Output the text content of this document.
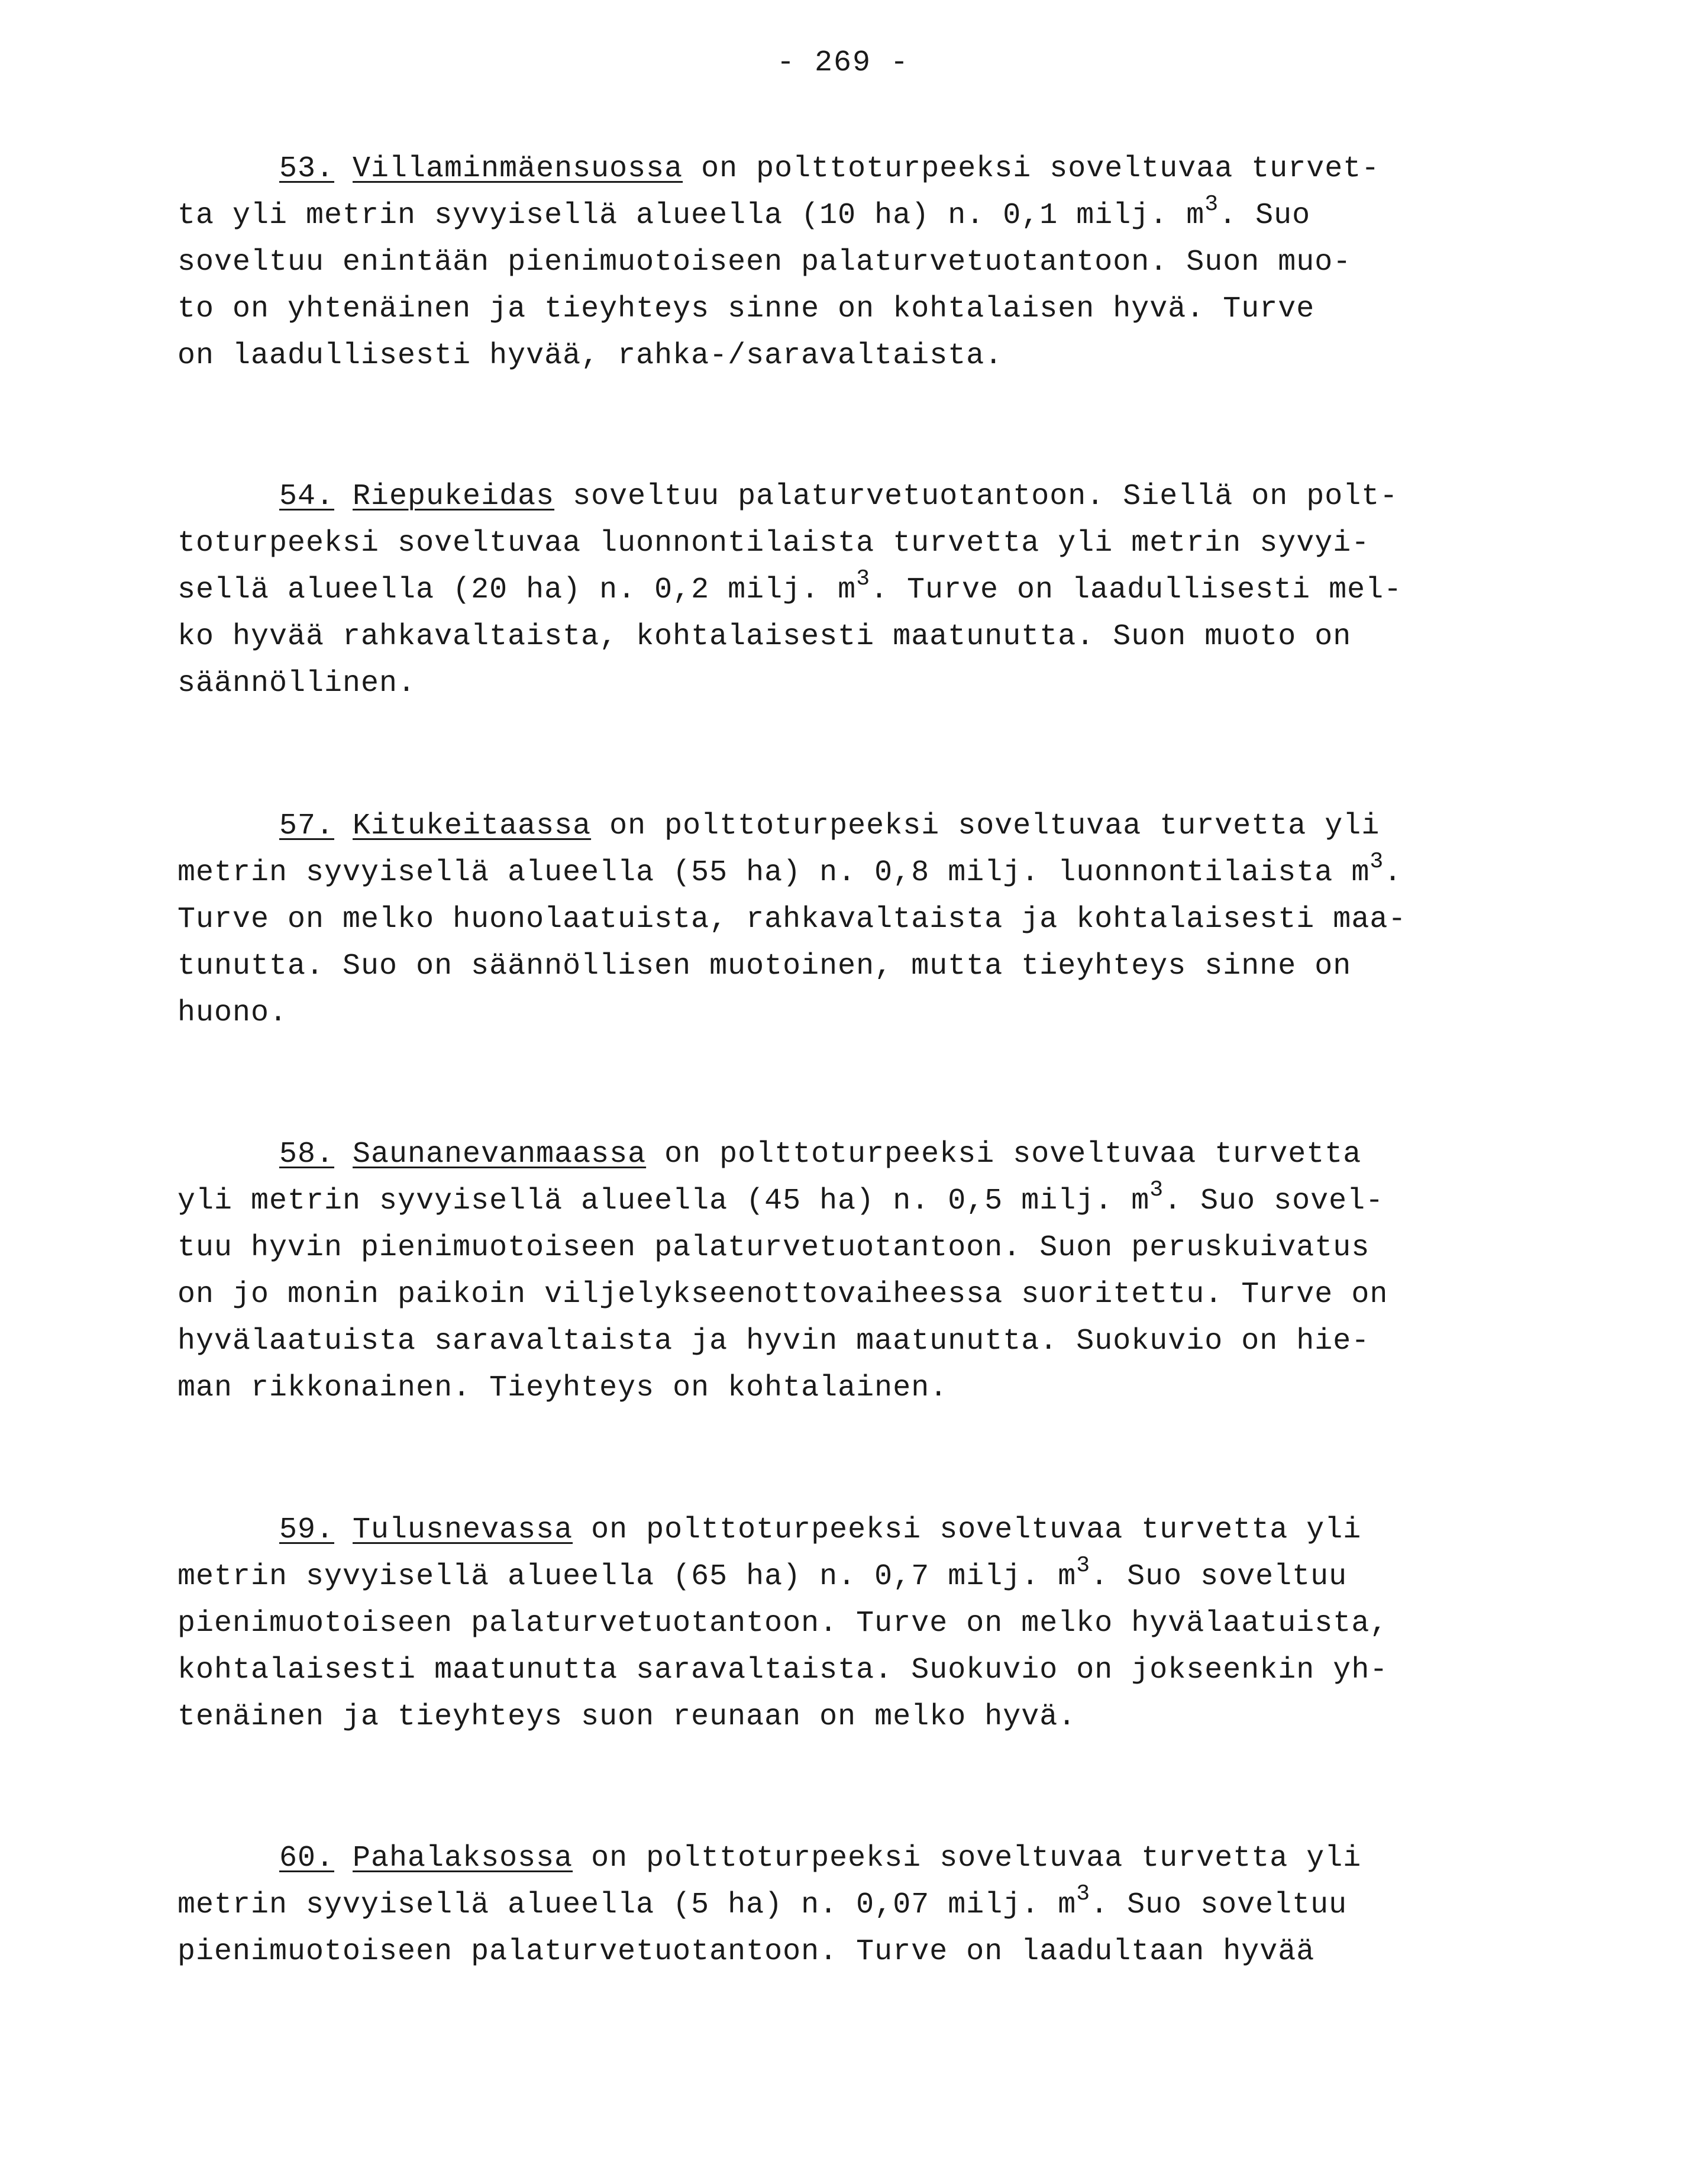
- 269 -
53. Villaminmäensuossa on polttoturpeeksi soveltuvaa turvet-
ta yli metrin syvyisellä alueella (10 ha) n. 0,1 milj. $m^3$. Suo
soveltuu enintään pienimuotoiseen palaturvetuotantoon. Suon muo-
to on yhtenäinen ja tieyhteys sinne on kohtalaisen hyvä. Turve
on laadullisesti hyvää, rahka-/saravaltaista.
54. Riepukeidas soveltuu palaturvetuotantoon. Siellä on polt-
toturpeeksi soveltuvaa luonnontilaista turvetta yli metrin syvyi-
sellä alueella (20 ha) n. 0,2 milj. $m^3$. Turve on laadullisesti mel-
ko hyvää rahkavaltaista, kohtalaisesti maatunutta. Suon muoto on
säännöllinen.
57. Kitukeitaassa on polttoturpeeksi soveltuvaa turvetta yli
metrin syvyisellä alueella (55 ha) n. 0,8 milj. luonnontilaista $m^3$.
Turve on melko huonolaatuista, rahkavaltaista ja kohtalaisesti maa-
tunutta. Suo on säännöllisen muotoinen, mutta tieyhteys sinne on
huono.
58. Saunanevanmaassa on polttoturpeeksi soveltuvaa turvetta
yli metrin syvyisellä alueella (45 ha) n. 0,5 milj. $m^3$. Suo sovel-
tuu hyvin pienimuotoiseen palaturvetuotantoon. Suon peruskuivatus
on jo monin paikoin viljelykseenottovaiheessa suoritettu. Turve on
hyvälaatuista saravaltaista ja hyvin maatunutta. Suokuvio on hie-
man rikkonainen. Tieyhteys on kohtalainen.
59. Tulusnevassa on polttoturpeeksi soveltuvaa turvetta yli
metrin syvyisellä alueella (65 ha) n. 0,7 milj. $m^3$. Suo soveltuu
pienimuotoiseen palaturvetuotantoon. Turve on melko hyvälaatuista,
kohtalaisesti maatunutta saravaltaista. Suokuvio on jokseenkin yh-
tenäinen ja tieyhteys suon reunaan on melko hyvä.
60. Pahalaksossa on polttoturpeeksi soveltuvaa turvetta yli
metrin syvyisellä alueella (5 ha) n. 0,07 milj. $m^3$. Suo soveltuu
pienimuotoiseen palaturvetuotantoon. Turve on laadultaan hyvää
